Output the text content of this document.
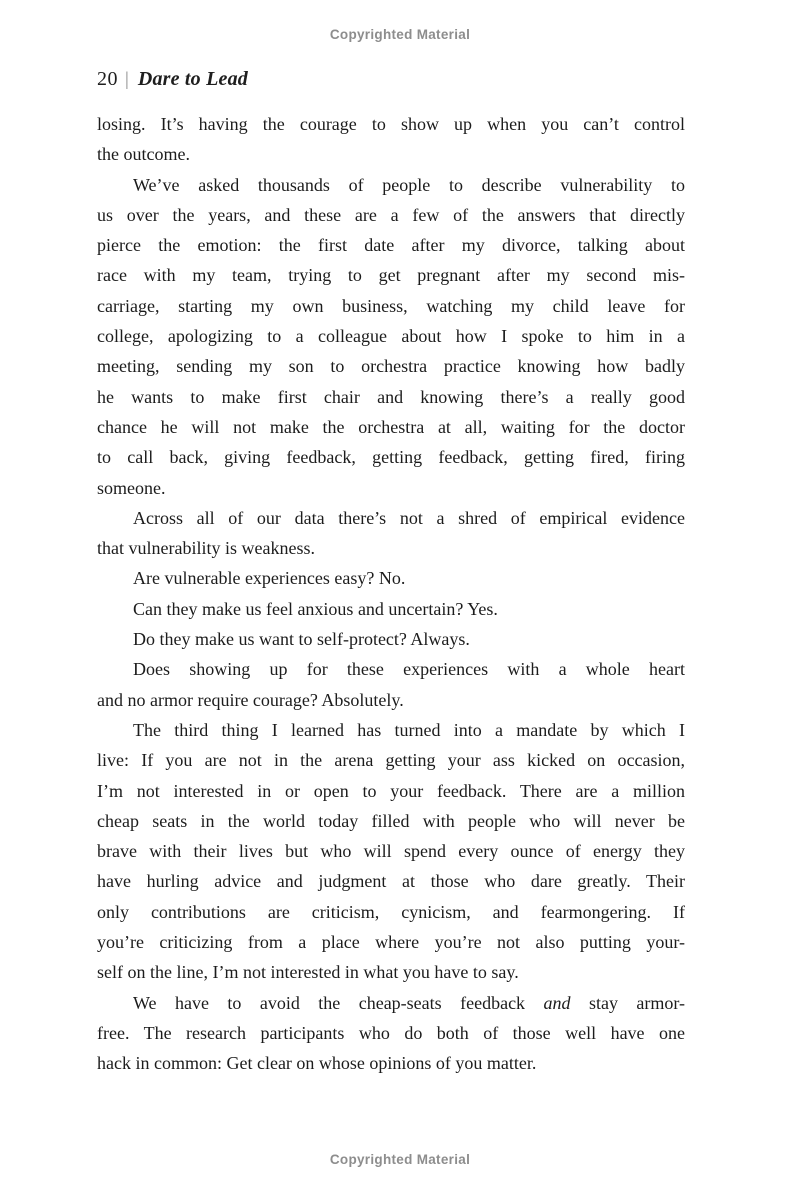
Copyrighted Material
20 | Dare to Lead

losing. It’s having the courage to show up when you can’t control
the outcome.

We’ve asked thousands of people to describe vulnerability to
us over the years, and these are a few of the answers that directly
pierce the emotion: the first date after my divorce, talking about
race with my team, trying to get pregnant after my second mis-
carriage, starting my own business, watching my child leave for
college, apologizing to a colleague about how I spoke to him in a
meeting, sending my son to orchestra practice knowing how badly
he wants to make first chair and knowing there’s a really good
chance he will not make the orchestra at all, waiting for the doctor
to call back, giving feedback, getting feedback, getting fired, firing
someone.

Across all of our data there’s not a shred of empirical evidence
that vulnerability is weakness.

Are vulnerable experiences easy? No.

Can they make us feel anxious and uncertain? Yes.

Do they make us want to self-protect? Always.

Does showing up for these experiences with a whole heart
and no armor require courage? Absolutely.

The third thing I learned has turned into a mandate by which I
live: If you are not in the arena getting your ass kicked on occasion,
I’m not interested in or open to your feedback. There are a million
cheap seats in the world today filled with people who will never be
brave with their lives but who will spend every ounce of energy they
have hurling advice and judgment at those who dare greatly. Their
only contributions are criticism, cynicism, and fearmongering. If
you’re criticizing from a place where you’re not also putting your-
self on the line, I’m not interested in what you have to say.

We have to avoid the cheap-seats feedback and stay armor-
free. The research participants who do both of those well have one
hack in common: Get clear on whose opinions of you matter.

Copyrighted Material
